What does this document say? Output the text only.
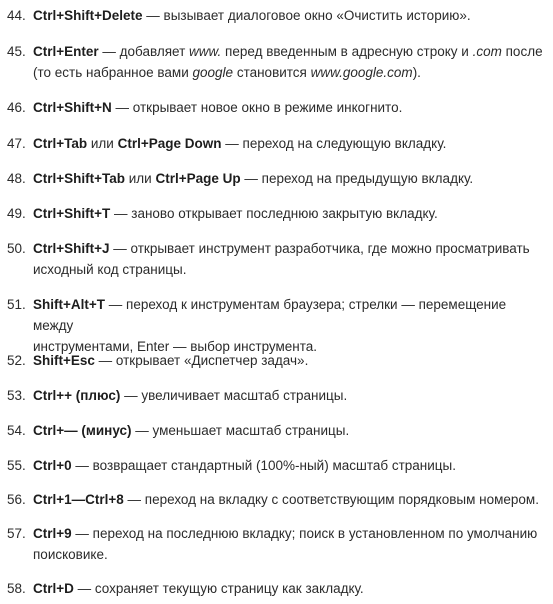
44. Ctrl+Shift+Delete — вызывает диалоговое окно «Очистить историю».
45. Ctrl+Enter — добавляет www. перед введенным в адресную строку и .com после
(то есть набранное вами google становится www.google.com).
46. Ctrl+Shift+N — открывает новое окно в режиме инкогнито.
47. Ctrl+Tab или Ctrl+Page Down — переход на следующую вкладку.
48. Ctrl+Shift+Tab или Ctrl+Page Up — переход на предыдущую вкладку.
49. Ctrl+Shift+T — заново открывает последнюю закрытую вкладку.
50. Ctrl+Shift+J — открывает инструмент разработчика, где можно просматривать
исходный код страницы.
51. Shift+Alt+T — переход к инструментам браузера; стрелки — перемещение между
инструментами, Enter — выбор инструмента.
52. Shift+Esc — открывает «Диспетчер задач».
53. Ctrl++ (плюс) — увеличивает масштаб страницы.
54. Ctrl+— (минус) — уменьшает масштаб страницы.
55. Ctrl+0 — возвращает стандартный (100%-ный) масштаб страницы.
56. Ctrl+1—Ctrl+8 — переход на вкладку с соответствующим порядковым номером.
57. Ctrl+9 — переход на последнюю вкладку; поиск в установленном по умолчанию
поисковике.
58. Ctrl+D — сохраняет текущую страницу как закладку.
